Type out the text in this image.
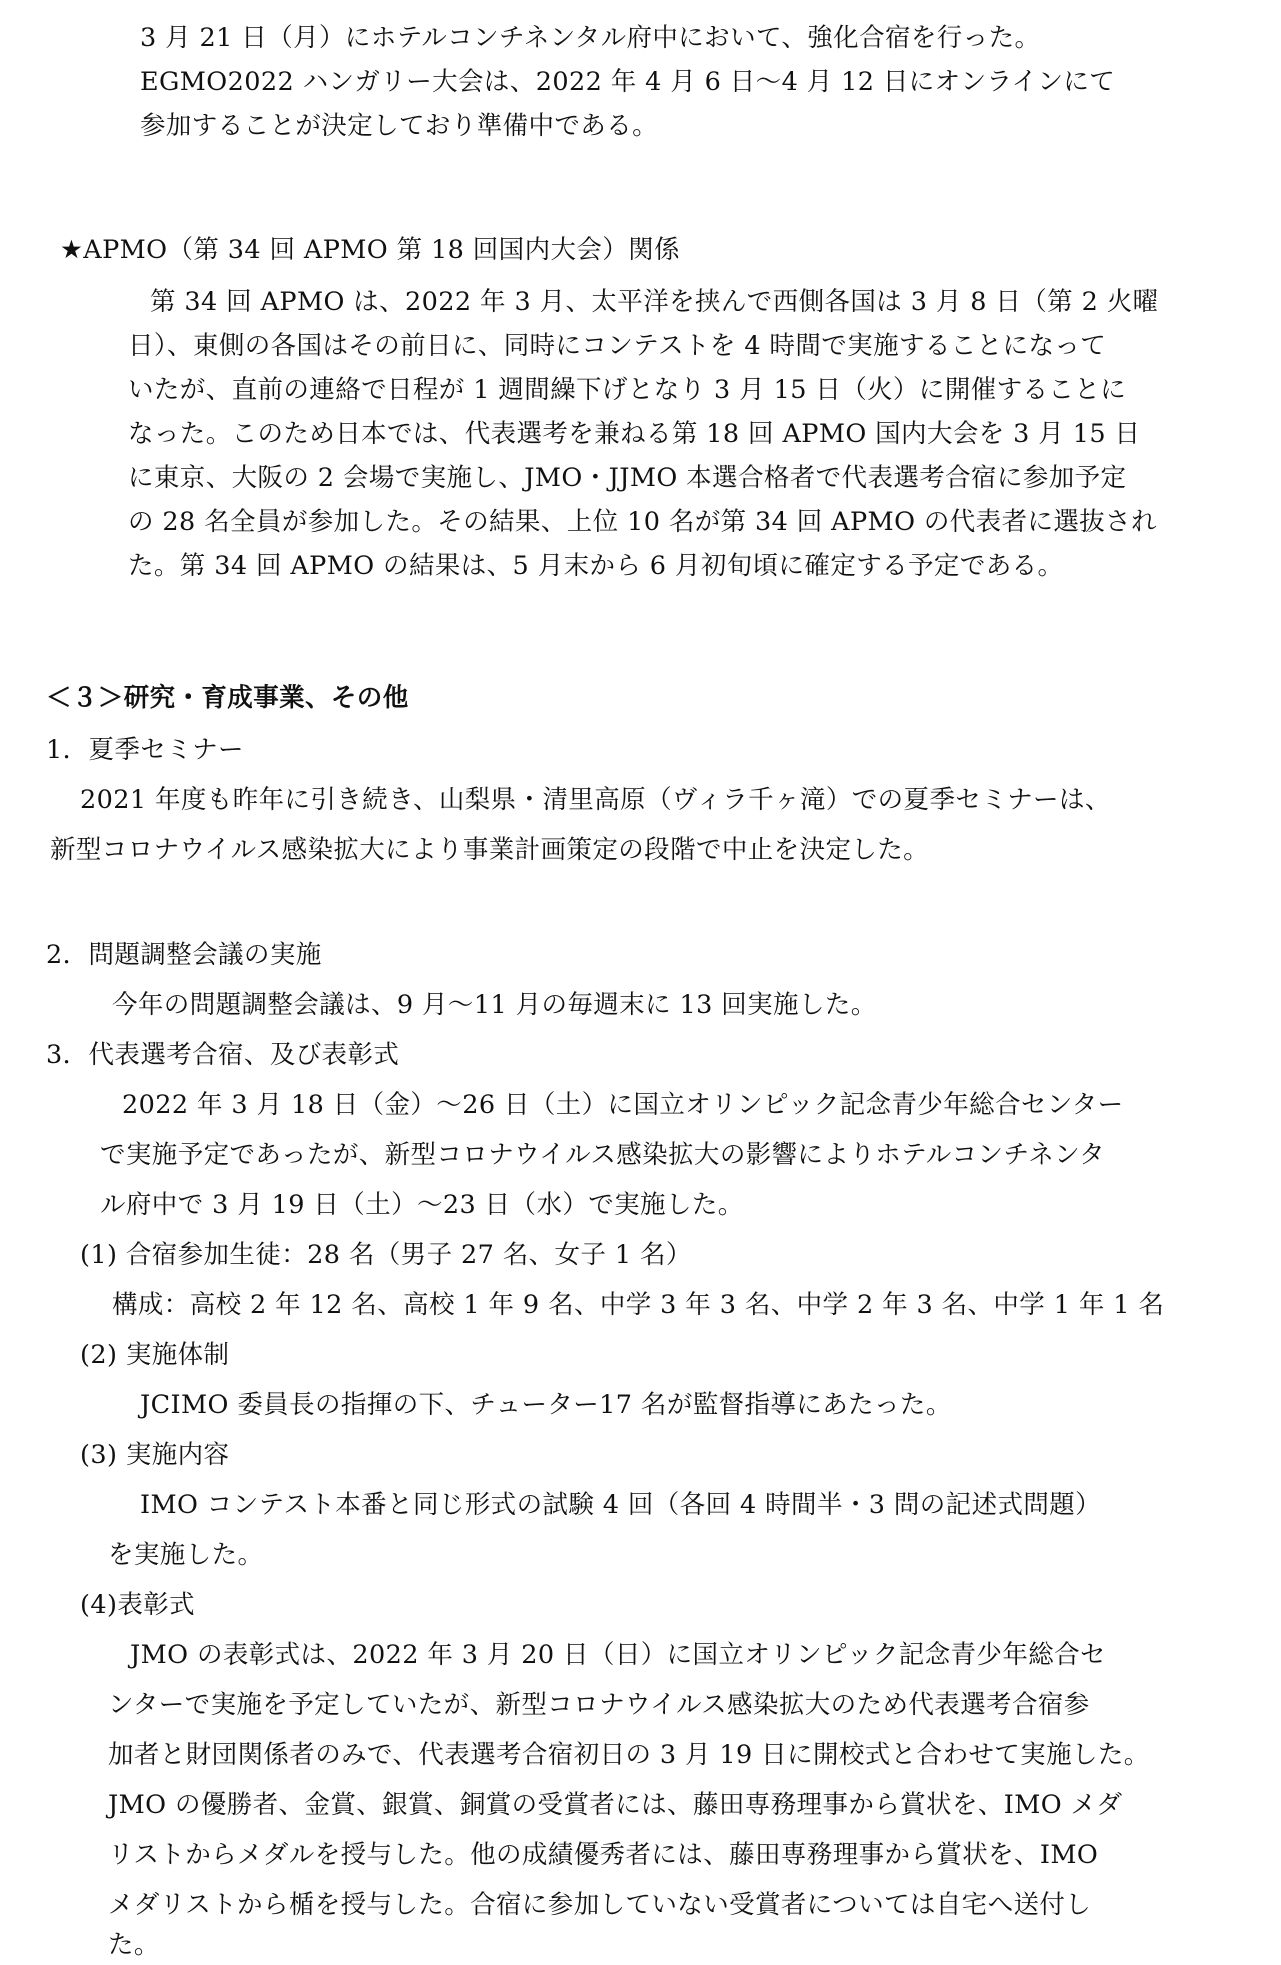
3 月 21 日（月）にホテルコンチネンタル府中において、強化合宿を行った。

EGMO2022 ハンガリー大会は、2022 年 4 月 6 日〜4 月 12 日にオンラインにて

参加することが決定しており準備中である。

★APMO（第 34 回 APMO 第 18 回国内大会）関係

第 34 回 APMO は、2022 年 3 月、太平洋を挟んで西側各国は 3 月 8 日（第 2 火曜

日）、東側の各国はその前日に、同時にコンテストを 4 時間で実施することになって

いたが、直前の連絡で日程が 1 週間繰下げとなり 3 月 15 日（火）に開催することに

なった。このため日本では、代表選考を兼ねる第 18 回 APMO 国内大会を 3 月 15 日

に東京、大阪の 2 会場で実施し、JMO・JJMO 本選合格者で代表選考合宿に参加予定

の 28 名全員が参加した。その結果、上位 10 名が第 34 回 APMO の代表者に選抜され

た。第 34 回 APMO の結果は、5 月末から 6 月初旬頃に確定する予定である。

＜３＞研究・育成事業、その他

1．夏季セミナー

2021 年度も昨年に引き続き、山梨県・清里高原（ヴィラ千ヶ滝）での夏季セミナーは、

新型コロナウイルス感染拡大により事業計画策定の段階で中止を決定した。

2．問題調整会議の実施

今年の問題調整会議は、9 月〜11 月の毎週末に 13 回実施した。

3．代表選考合宿、及び表彰式

2022 年 3 月 18 日（金）〜26 日（土）に国立オリンピック記念青少年総合センター

で実施予定であったが、新型コロナウイルス感染拡大の影響によりホテルコンチネンタ

ル府中で 3 月 19 日（土）〜23 日（水）で実施した。

(1) 合宿参加生徒：28 名（男子 27 名、女子 1 名）

構成：高校 2 年 12 名、高校 1 年 9 名、中学 3 年 3 名、中学 2 年 3 名、中学 1 年 1 名

(2) 実施体制

JCIMO 委員長の指揮の下、チューター17 名が監督指導にあたった。

(3) 実施内容

IMO コンテスト本番と同じ形式の試験 4 回（各回 4 時間半・3 問の記述式問題）

を実施した。

(4)表彰式

JMO の表彰式は、2022 年 3 月 20 日（日）に国立オリンピック記念青少年総合セ

ンターで実施を予定していたが、新型コロナウイルス感染拡大のため代表選考合宿参

加者と財団関係者のみで、代表選考合宿初日の 3 月 19 日に開校式と合わせて実施した。

JMO の優勝者、金賞、銀賞、銅賞の受賞者には、藤田専務理事から賞状を、IMO メダ

リストからメダルを授与した。他の成績優秀者には、藤田専務理事から賞状を、IMO

メダリストから楯を授与した。合宿に参加していない受賞者については自宅へ送付し

た。
